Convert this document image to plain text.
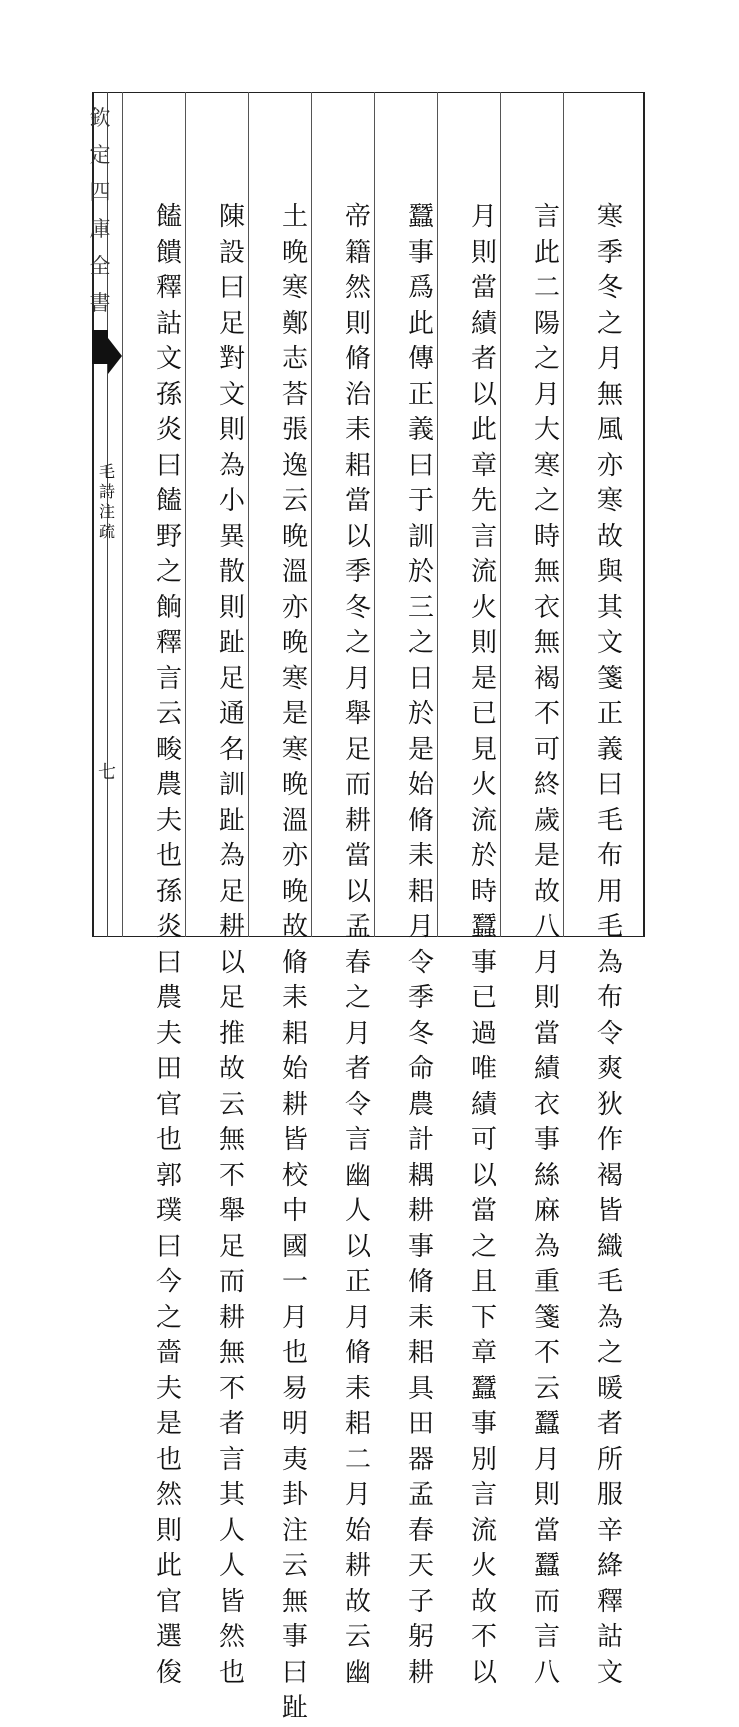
欽定四庫全書
毛詩注疏
七
寒季冬之月無風亦寒故與其文箋正義曰毛布用毛為布令爽狄作褐皆織毛為之暖者所服辛絳釋詁文
言此二陽之月大寒之時無衣無褐不可終歲是故八月則當績衣事絲麻為重箋不云蠶月則當蠶而言八
月則當績者以此章先言流火則是已見火流於時蠶事已過唯績可以當之且下章蠶事別言流火故不以
蠶事爲此傳正義曰于訓於三之日於是始脩耒耜月令季冬命農計耦耕事脩耒耜具田器孟春天子躬耕
帝籍然則脩治耒耜當以季冬之月舉足而耕當以孟春之月者令言幽人以正月脩耒耜二月始耕故云幽
土晚寒鄭志荅張逸云晚溫亦晚寒是寒晚溫亦晚故脩耒耜始耕皆校中國一月也易明夷卦注云無事曰趾
陳設曰足對文則為小異散則趾足通名訓趾為足耕以足推故云無不舉足而耕無不者言其人人皆然也
饁饋釋詁文孫炎曰饁野之餉釋言云畯農夫也孫炎曰農夫田官也郭璞曰今之嗇夫是也然則此官選俊
